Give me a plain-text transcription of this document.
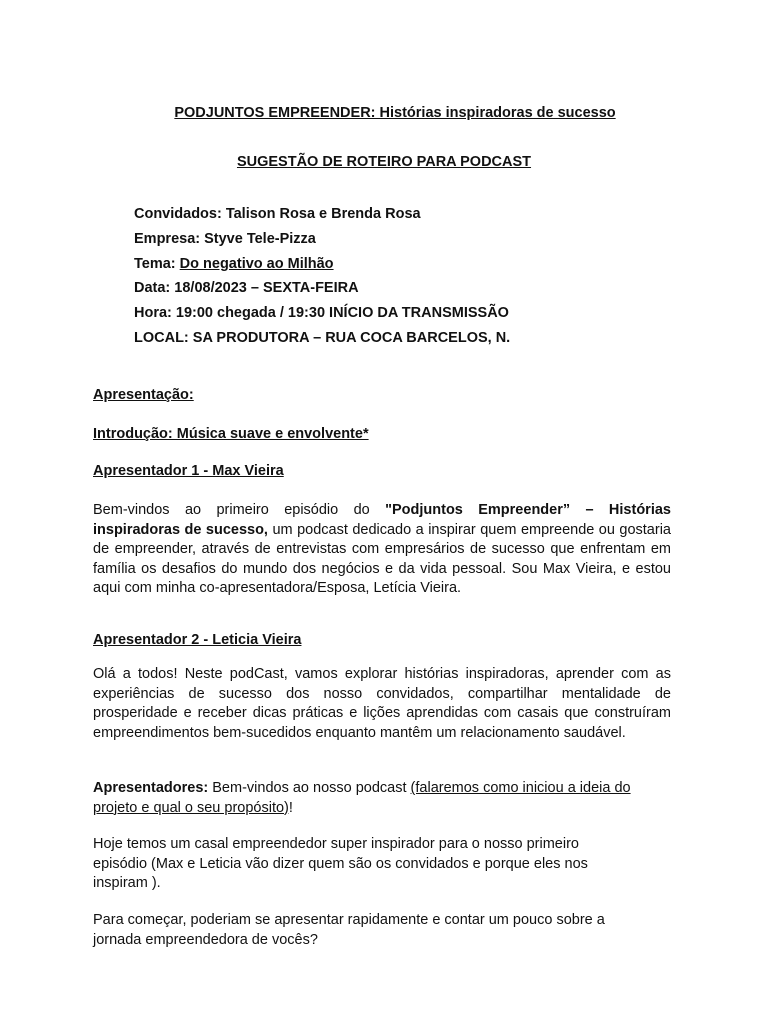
PODJUNTOS EMPREENDER: Histórias inspiradoras de sucesso
SUGESTÃO DE ROTEIRO PARA PODCAST
Convidados: Talison Rosa e Brenda Rosa
Empresa: Styve Tele-Pizza
Tema: Do negativo ao Milhão
Data: 18/08/2023 – SEXTA-FEIRA
Hora: 19:00 chegada / 19:30 INÍCIO DA TRANSMISSÃO
LOCAL: SA PRODUTORA – RUA COCA BARCELOS, N.
Apresentação:
Introdução: Música suave e envolvente*
Apresentador 1 - Max Vieira
Bem-vindos ao primeiro episódio do "Podjuntos Empreender” – Histórias inspiradoras de sucesso, um podcast dedicado a inspirar quem empreende ou gostaria de empreender, através de entrevistas com empresários de sucesso que enfrentam em família os desafios do mundo dos negócios e da vida pessoal. Sou Max Vieira, e estou aqui com minha co-apresentadora/Esposa, Letícia Vieira.
Apresentador 2 - Leticia Vieira
Olá a todos! Neste podCast, vamos explorar histórias inspiradoras, aprender com as experiências de sucesso dos nosso convidados, compartilhar mentalidade de prosperidade e receber dicas práticas e lições aprendidas com casais que construíram empreendimentos bem-sucedidos enquanto mantêm um relacionamento saudável.
Apresentadores: Bem-vindos ao nosso podcast (falaremos como iniciou a ideia do projeto e qual o seu propósito)!
Hoje temos um casal empreendedor super inspirador para o nosso primeiro episódio (Max e Leticia vão dizer quem são os convidados e porque eles nos inspiram ).
Para começar, poderiam se apresentar rapidamente e contar um pouco sobre a jornada empreendedora de vocês?
